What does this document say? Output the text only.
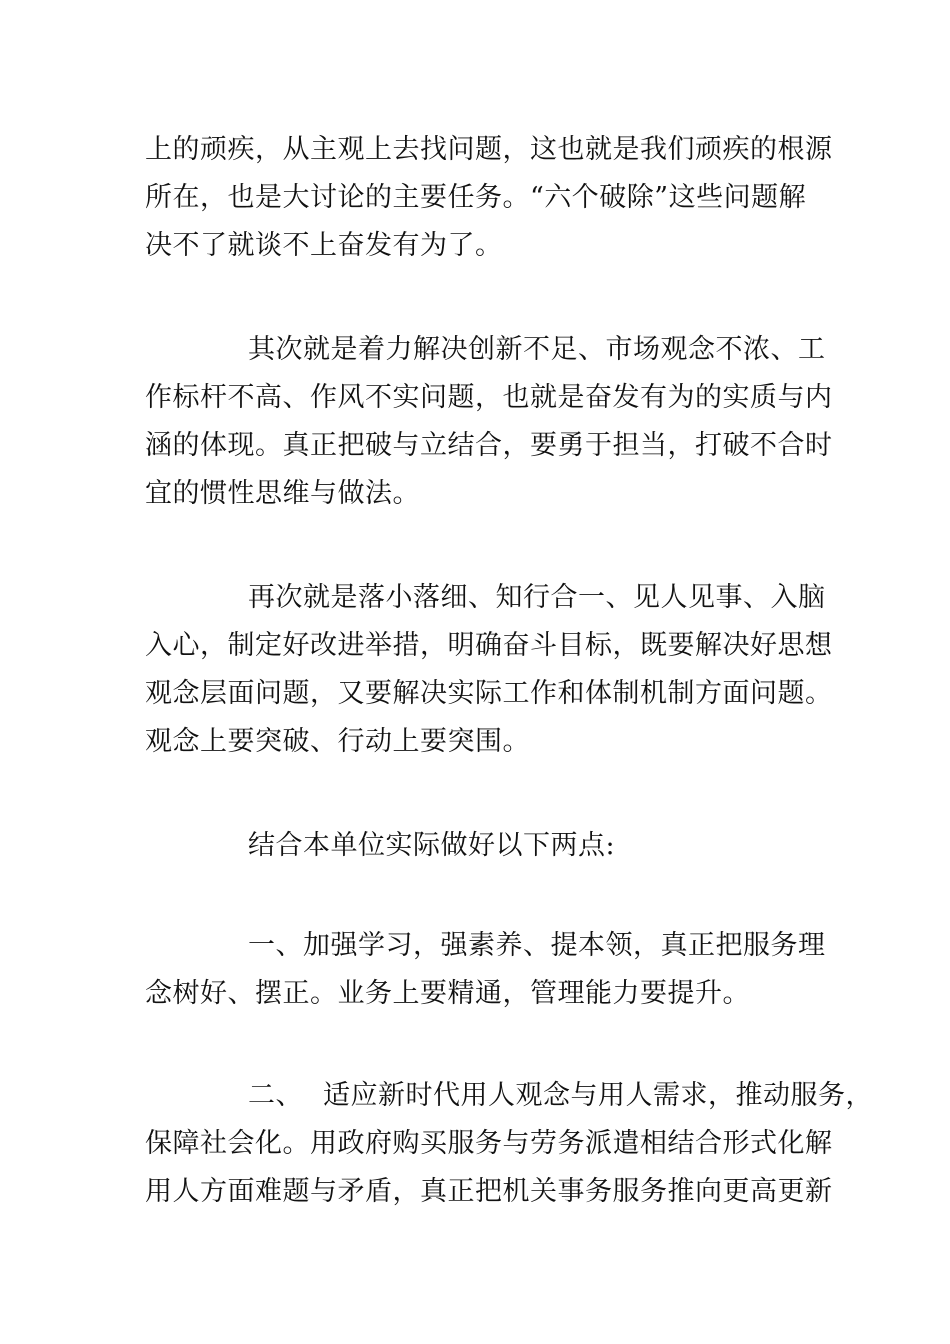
上的顽疾，从主观上去找问题，这也就是我们顽疾的根源
所在，也是大讨论的主要任务。“六个破除”这些问题解
决不了就谈不上奋发有为了。
其次就是着力解决创新不足、市场观念不浓、工
作标杆不高、作风不实问题，也就是奋发有为的实质与内
涵的体现。真正把破与立结合，要勇于担当，打破不合时
宜的惯性思维与做法。
再次就是落小落细、知行合一、见人见事、入脑
入心，制定好改进举措，明确奋斗目标，既要解决好思想
观念层面问题，又要解决实际工作和体制机制方面问题。
观念上要突破、行动上要突围。
结合本单位实际做好以下两点:
一、加强学习，强素养、提本领，真正把服务理
念树好、摆正。业务上要精通，管理能力要提升。
二、 适应新时代用人观念与用人需求，推动服务，
保障社会化。用政府购买服务与劳务派遣相结合形式化解
用人方面难题与矛盾，真正把机关事务服务推向更高更新
